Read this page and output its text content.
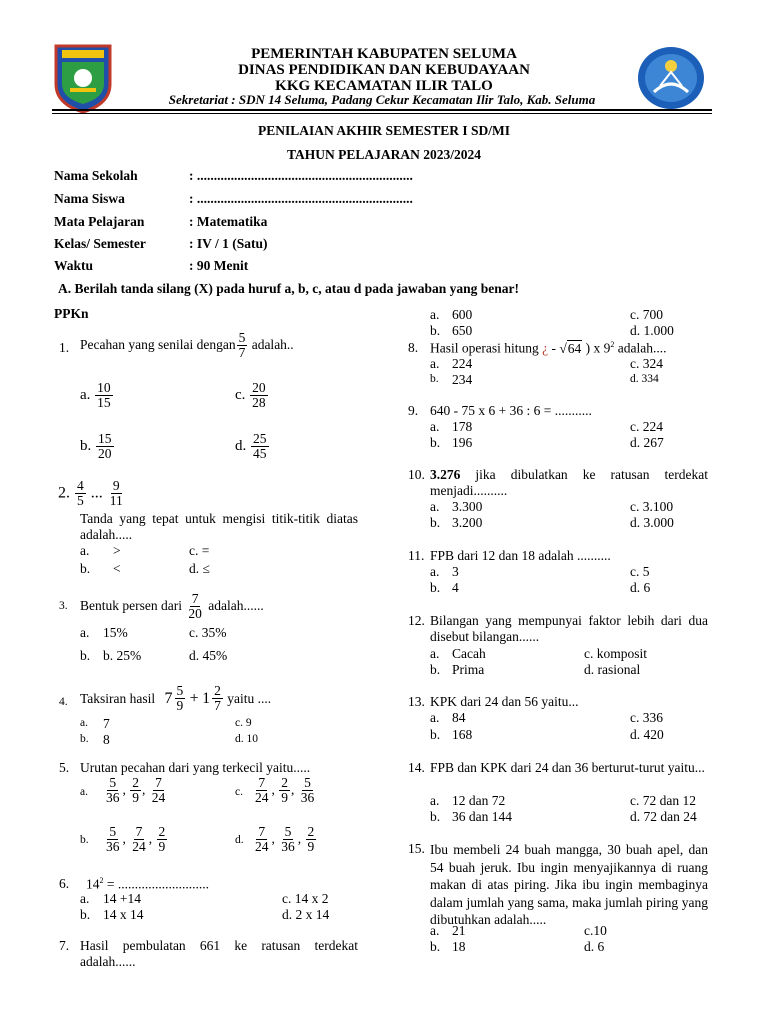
PEMERINTAH KABUPATEN SELUMA
DINAS PENDIDIKAN DAN KEBUDAYAAN
KKG KECAMATAN ILIR TALO
Sekretariat : SDN 14 Seluma, Padang Cekur Kecamatan Ilir Talo, Kab. Seluma
PENILAIAN AKHIR SEMESTER I SD/MI
TAHUN PELAJARAN 2023/2024
Nama Sekolah	: ................................................................
Nama Siswa	: ................................................................
Mata Pelajaran	: Matematika
Kelas/ Semester	: IV / 1 (Satu)
Waktu	: 90 Menit
A. Berilah tanda silang (X) pada huruf a, b, c, atau d pada jawaban yang benar!
PPKn
1. Pecahan yang senilai dengan $\frac{5}{7}$ adalah..
a. $\frac{10}{15}$	c. $\frac{20}{28}$
b. $\frac{15}{20}$	d. $\frac{25}{45}$
2. $\frac{4}{5}$ ... $\frac{9}{11}$
Tanda yang tepat untuk mengisi titik-titik diatas adalah.....
a. >	c. =
b. <	d. ≤
3. Bentuk persen dari $\frac{7}{20}$ adalah......
a. 15%	c. 35%
b. b. 25%	d. 45%
4. Taksiran hasil $7 \frac{5}{9} + 1 \frac{2}{7}$ yaitu ....
a. 7	c. 9
b. 8	d. 10
5. Urutan pecahan dari yang terkecil yaitu.....
a. $\frac{5}{36}$ , $\frac{2}{9}$ , $\frac{7}{24}$	c. $\frac{7}{24}$ , $\frac{2}{9}$ , $\frac{5}{36}$
b. $\frac{5}{36}$ , $\frac{7}{24}$ , $\frac{2}{9}$	d. $\frac{7}{24}$ , $\frac{5}{36}$ , $\frac{2}{9}$
6. $14^2$ = ...........................
a. 14 +14	c. 14 x 2
b. 14 x 14	d. 2 x 14
7. Hasil pembulatan 661 ke ratusan terdekat adalah......
a. 600	c. 700
b. 650	d. 1.000
8. Hasil operasi hitung ¿ - √64 ) x $9^2$ adalah....
a. 224	c. 324
b. 234	d. 334
9. 640 - 75 x 6 + 36 : 6 = ...........
a. 178	c. 224
b. 196	d. 267
10. 3.276 jika dibulatkan ke ratusan terdekat menjadi..........
a. 3.300	c. 3.100
b. 3.200	d. 3.000
11. FPB dari 12 dan 18 adalah ..........
a. 3	c. 5
b. 4	d. 6
12. Bilangan yang mempunyai faktor lebih dari dua disebut bilangan......
a. Cacah	c. komposit
b. Prima	d. rasional
13. KPK dari 24 dan 56 yaitu...
a. 84	c. 336
b. 168	d. 420
14. FPB dan KPK dari 24 dan 36 berturut-turut yaitu...
a. 12 dan 72	c. 72 dan 12
b. 36 dan 144	d. 72 dan 24
15. Ibu membeli 24 buah mangga, 30 buah apel, dan 54 buah jeruk. Ibu ingin menyajikannya di ruang makan di atas piring. Jika ibu ingin membaginya dalam jumlah yang sama, maka jumlah piring yang dibutuhkan adalah.....
a. 21	c.10
b. 18	d. 6
